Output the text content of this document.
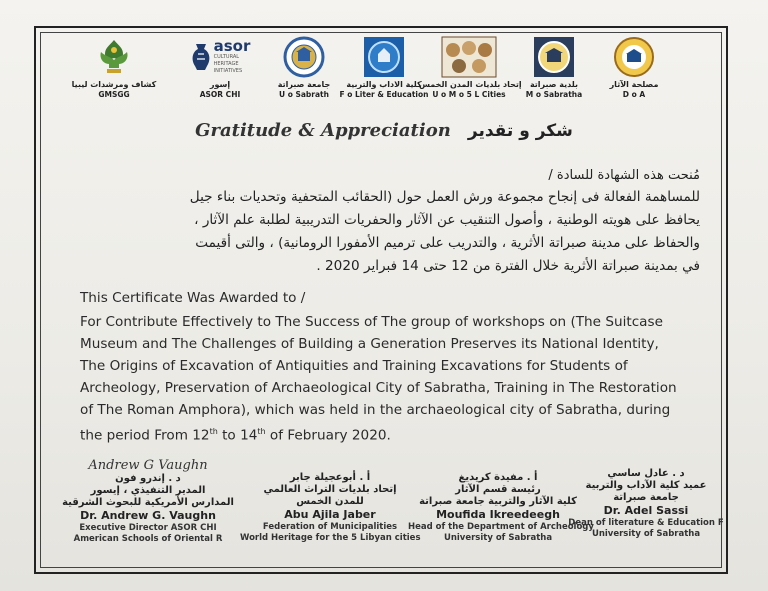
كشاف ومرشدات ليبيا
GMSGG
asor
CULTURAL
HERITAGE
INITIATIVES
إسور
ASOR CHI
جامعة صبراتة
U o Sabrath
كلية الاداب والتربية
F o Liter & Education
إتحاد بلديات المدن الخمس
U o M o 5 L Cities
بلدية صبراتة
M o Sabratha
مصلحة الآثار
D o A
Gratitude & Appreciation شكر و تقدير
مُنحت هذه الشهادة للسادة /
للمساهمة الفعالة فى إنجاح مجموعة ورش العمل حول (الحقائب المتحفية وتحديات بناء جيل
يحافظ على هويته الوطنية ، وأصول التنقيب عن الآثار والحفريات التدريبية لطلبة علم الآثار ،
والحفاظ على مدينة صبراتة الأثرية ، والتدريب على ترميم الأمفورا الرومانية) ، والتى أقيمت
في بمدينة صبراتة الأثرية خلال الفترة من 12 حتى 14 فبراير 2020 .
This Certificate Was Awarded to /
For Contribute Effectively to The Success of The group of workshops on (The Suitcase
Museum and The Challenges of Building a Generation Preserves its National Identity,
The Origins of Excavation of Antiquities and Training Excavations for Students of
Archeology, Preservation of Archaeological City of Sabratha, Training in The Restoration
of The Roman Amphora), which was held in the archaeological city of Sabratha, during
the period From 12th to 14th of February 2020.
Andrew G Vaughn
د . إندرو فون
المدير التنفيذي ، إيسور
المدارس الأمريكية للبحوث الشرقية
Dr. Andrew G. Vaughn
Executive Director ASOR CHI
American Schools of Oriental R
أ . أبوعجيلة جابر
إتحاد بلديات التراث العالمي
للمدن الخمس
Abu Ajila Jaber
Federation of Municipalities
World Heritage for the 5 Libyan cities
أ . مفيدة كريديغ
رئيسة قسم الآثار
كلية الآثار والتربية جامعة صبراتة
Moufida Ikreedeegh
Head of the Department of Archeology
University of Sabratha
د . عادل ساسي
عميد كلية الآداب والتربية
جامعة صبراتة
Dr. Adel Sassi
Dean of literature & Education F
University of Sabratha
